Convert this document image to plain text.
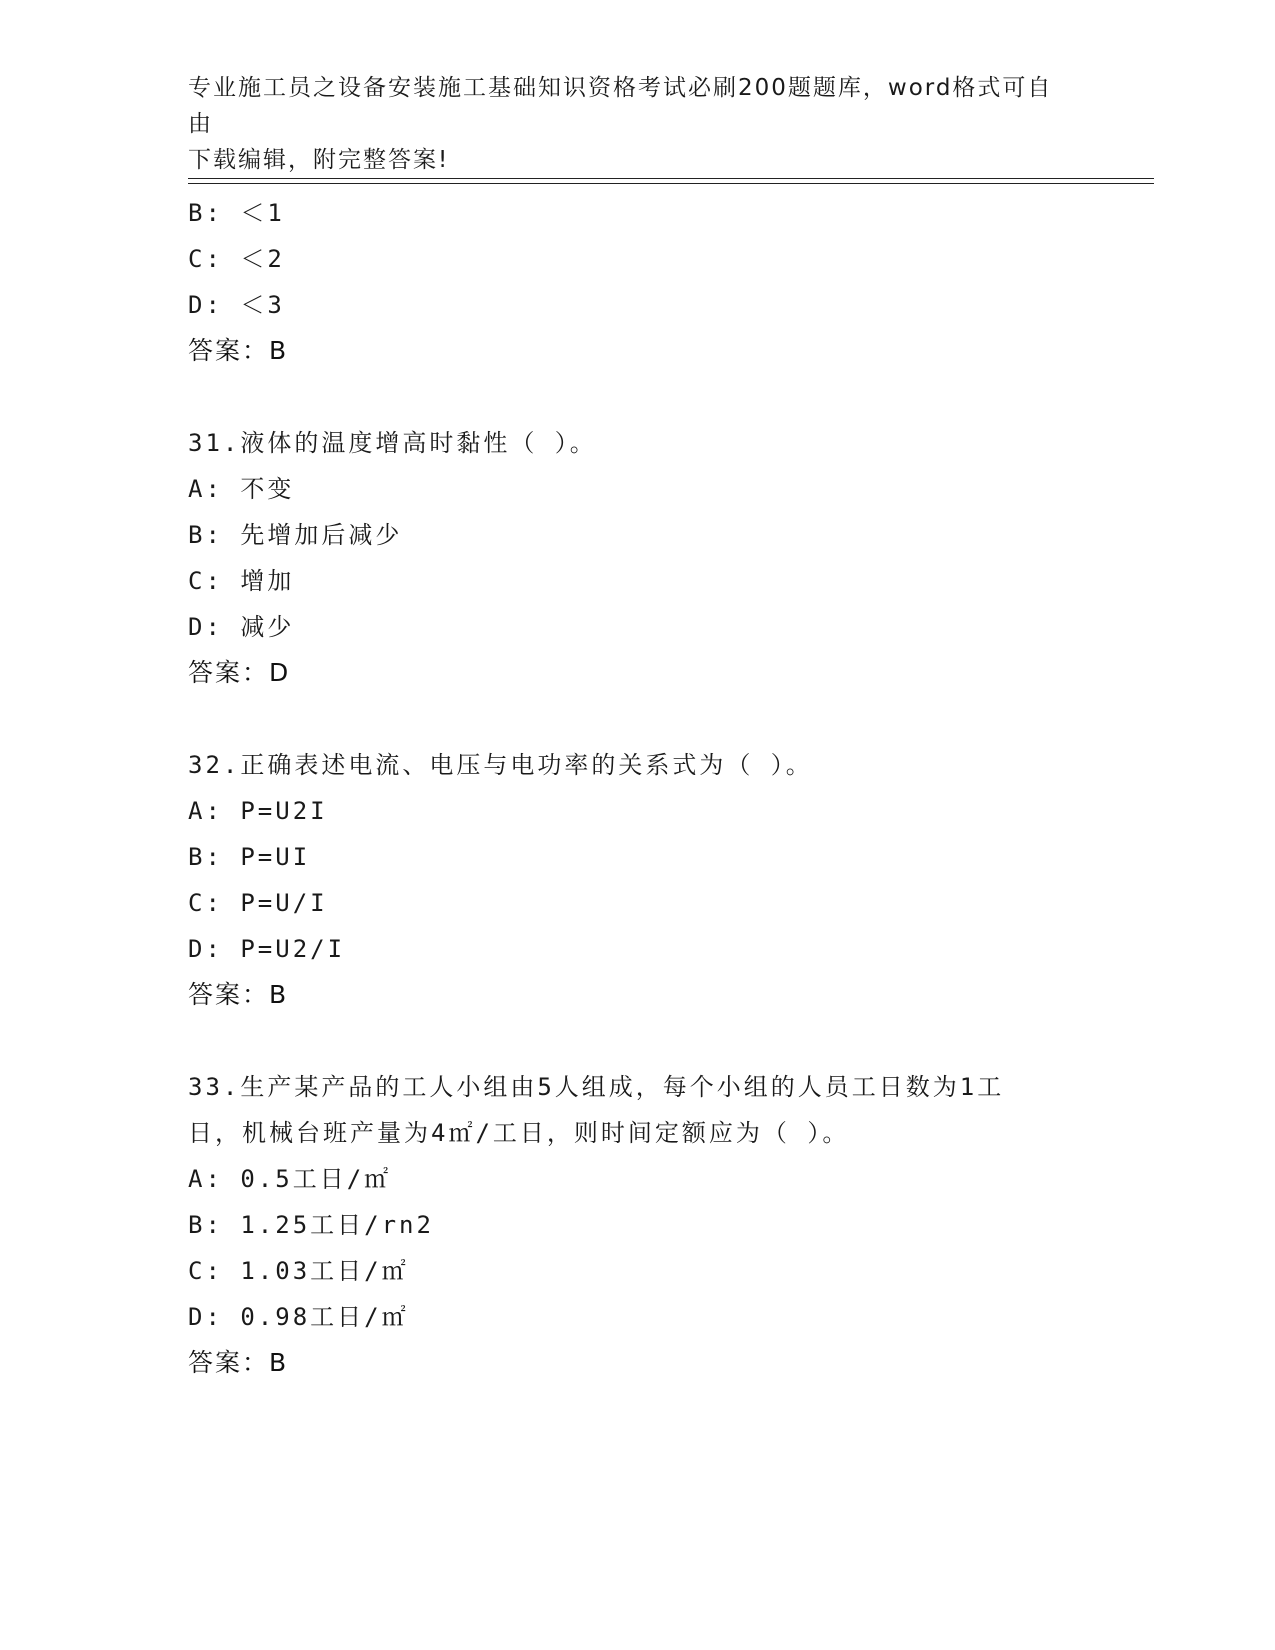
专业施工员之设备安装施工基础知识资格考试必刷200题题库，word格式可自由
下载编辑，附完整答案!
B: ＜1
C: ＜2
D: ＜3
答案：B
31.液体的温度增高时黏性（ ）。
A: 不变
B: 先增加后减少
C: 增加
D: 减少
答案：D
32.正确表述电流、电压与电功率的关系式为（ ）。
A: P=U2I
B: P=UI
C: P=U/I
D: P=U2/I
答案：B
33.生产某产品的工人小组由5人组成，每个小组的人员工日数为1工
日，机械台班产量为4㎡/工日，则时间定额应为（ ）。
A: 0.5工日/㎡
B: 1.25工日/rn2
C: 1.03工日/㎡
D: 0.98工日/㎡
答案：B
